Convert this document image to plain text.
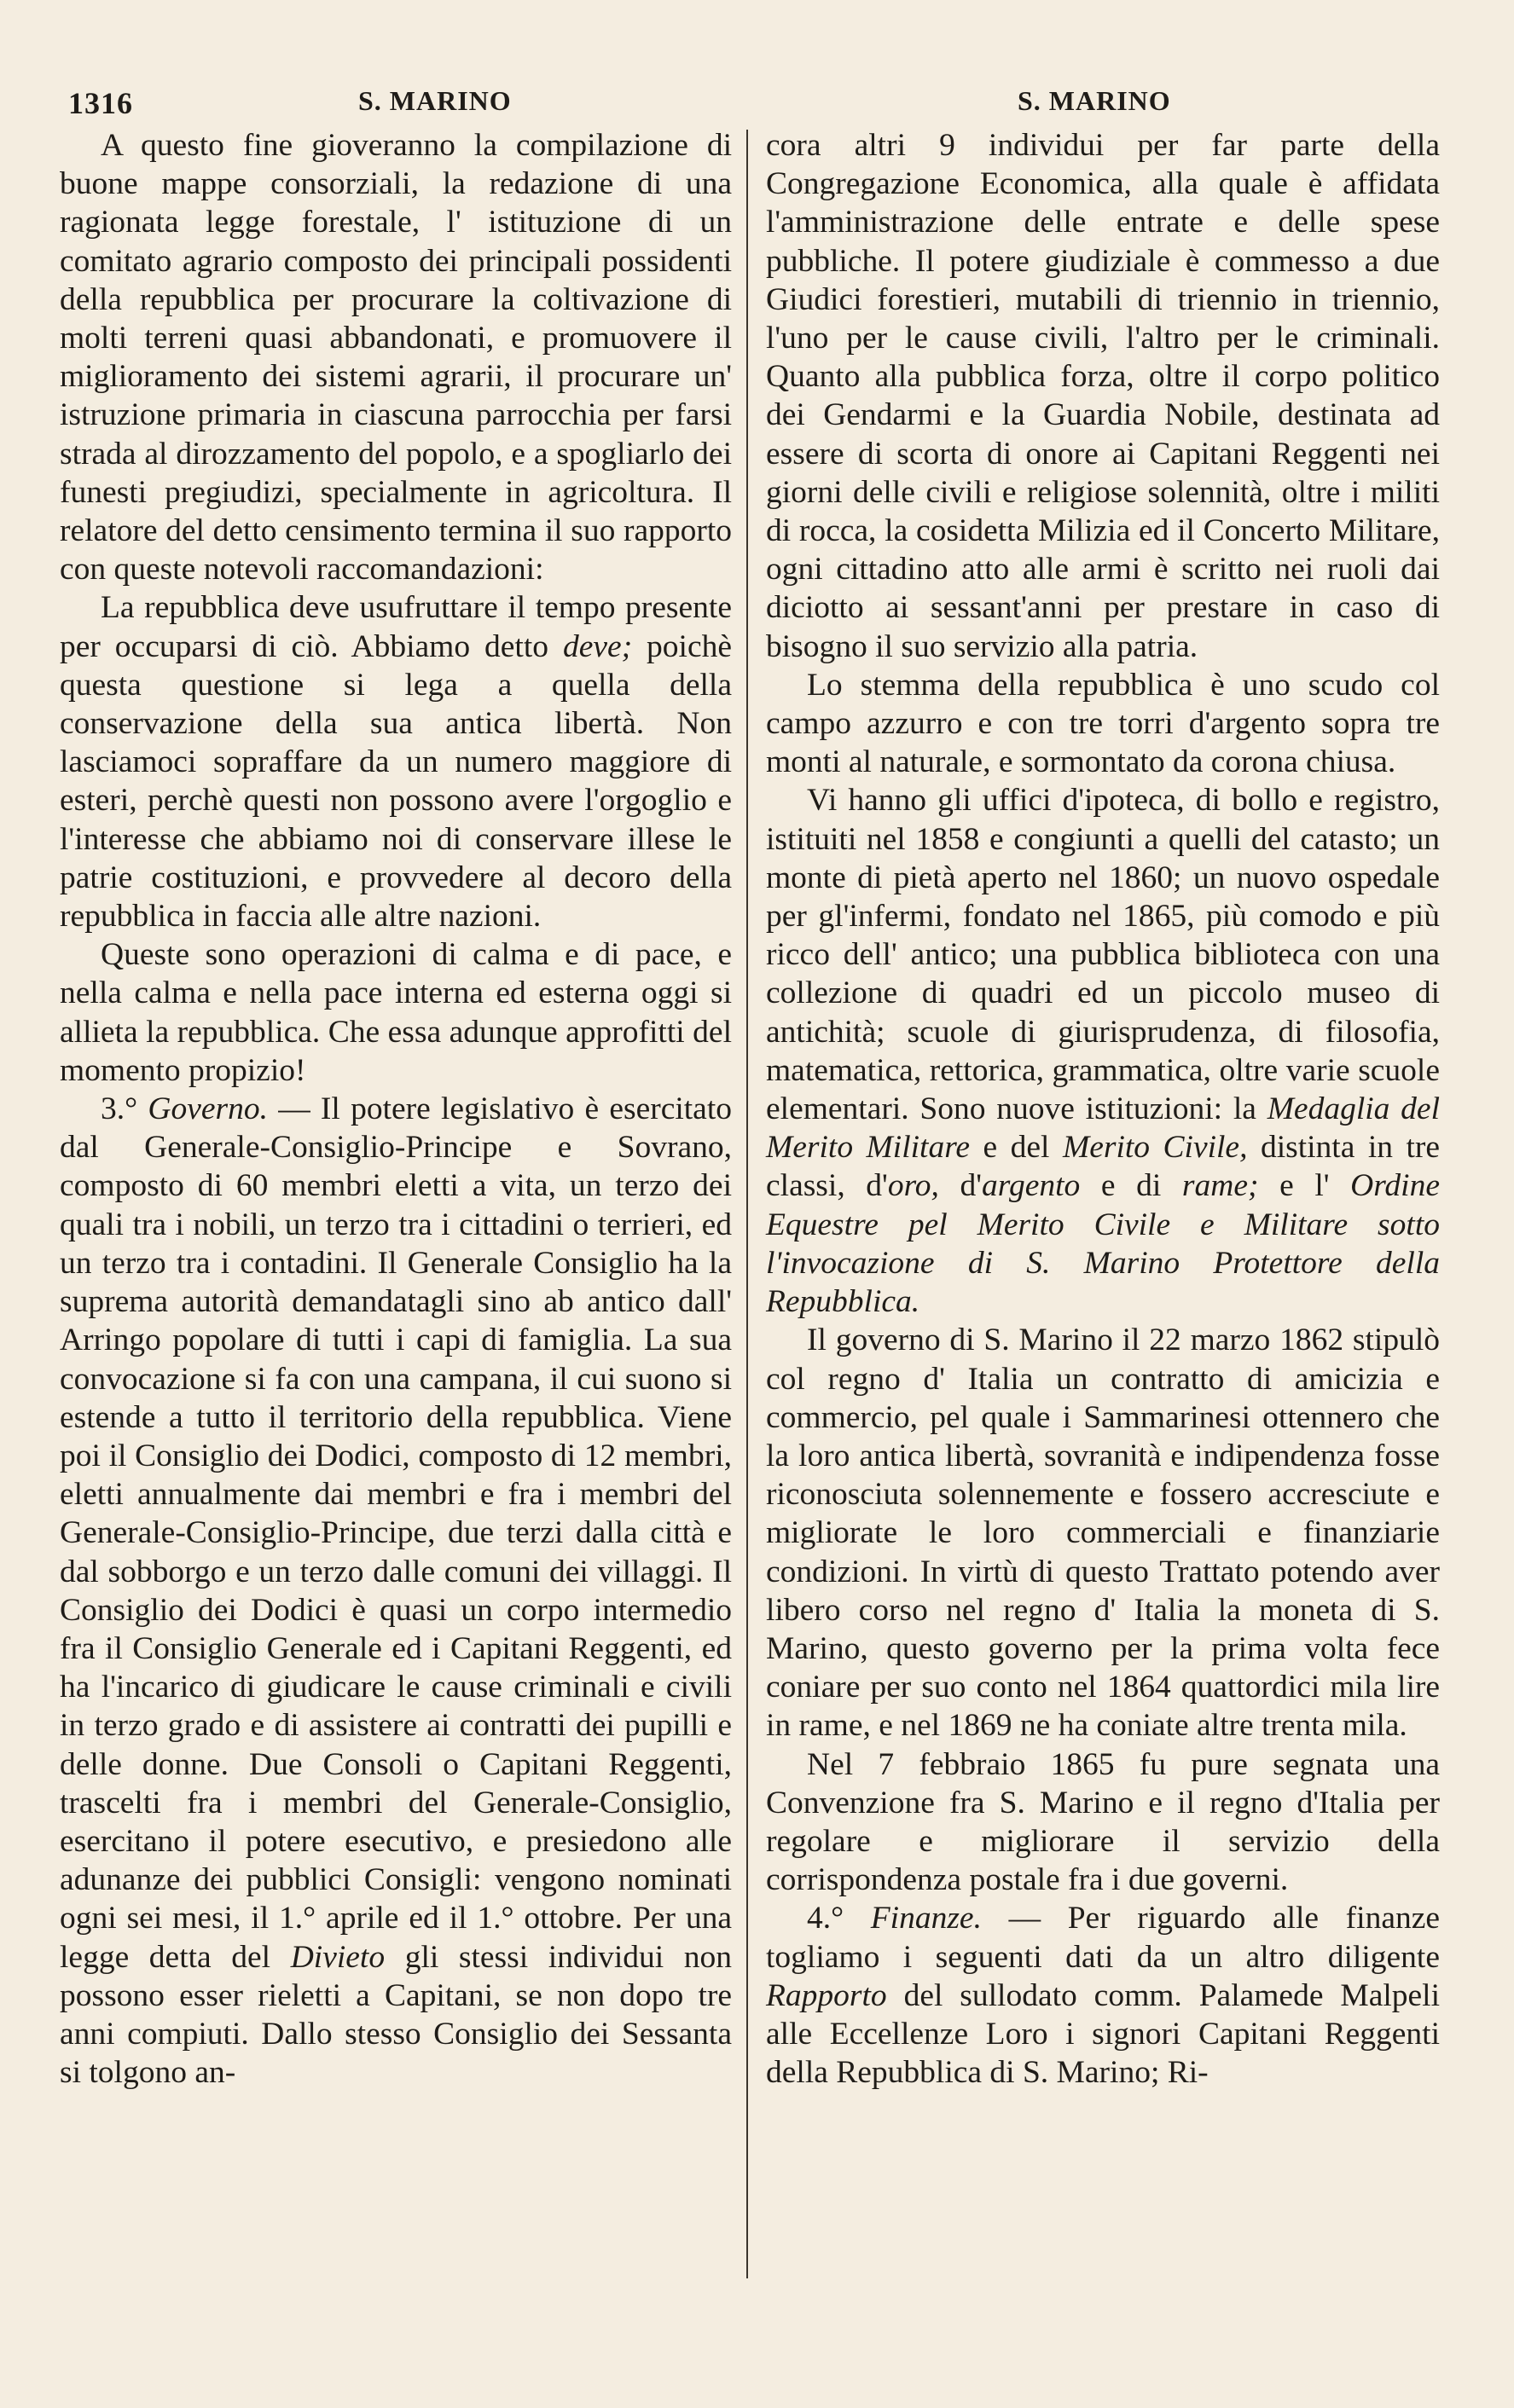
1316	S. MARINO	S. MARINO

A questo fine gioveranno la compilazione di buone mappe consorziali, la redazione di una ragionata legge forestale, l' istituzione di un comitato agrario composto dei principali possidenti della repubblica per procurare la coltivazione di molti terreni quasi abbandonati, e promuovere il miglioramento dei sistemi agrarii, il procurare un' istruzione primaria in ciascuna parrocchia per farsi strada al dirozzamento del popolo, e a spogliarlo dei funesti pregiudizi, specialmente in agricoltura. Il relatore del detto censimento termina il suo rapporto con queste notevoli raccomandazioni:

La repubblica deve usufruttare il tempo presente per occuparsi di ciò. Abbiamo detto deve; poichè questa questione si lega a quella della conservazione della sua antica libertà. Non lasciamoci sopraffare da un numero maggiore di esteri, perchè questi non possono avere l'orgoglio e l'interesse che abbiamo noi di conservare illese le patrie costituzioni, e provvedere al decoro della repubblica in faccia alle altre nazioni.

Queste sono operazioni di calma e di pace, e nella calma e nella pace interna ed esterna oggi si allieta la repubblica. Che essa adunque approfitti del momento propizio!

3.° Governo. — Il potere legislativo è esercitato dal Generale-Consiglio-Principe e Sovrano, composto di 60 membri eletti a vita, un terzo dei quali tra i nobili, un terzo tra i cittadini o terrieri, ed un terzo tra i contadini. Il Generale Consiglio ha la suprema autorità demandatagli sino ab antico dall' Arringo popolare di tutti i capi di famiglia. La sua convocazione si fa con una campana, il cui suono si estende a tutto il territorio della repubblica. Viene poi il Consiglio dei Dodici, composto di 12 membri, eletti annualmente dai membri e fra i membri del Generale-Consiglio-Principe, due terzi dalla città e dal sobborgo e un terzo dalle comuni dei villaggi. Il Consiglio dei Dodici è quasi un corpo intermedio fra il Consiglio Generale ed i Capitani Reggenti, ed ha l'incarico di giudicare le cause criminali e civili in terzo grado e di assistere ai contratti dei pupilli e delle donne. Due Consoli o Capitani Reggenti, trascelti fra i membri del Generale-Consiglio, esercitano il potere esecutivo, e presiedono alle adunanze dei pubblici Consigli: vengono nominati ogni sei mesi, il 1.° aprile ed il 1.° ottobre. Per una legge detta del Divieto gli stessi individui non possono esser rieletti a Capitani, se non dopo tre anni compiuti. Dallo stesso Consiglio dei Sessanta si tolgono an-

cora altri 9 individui per far parte della Congregazione Economica, alla quale è affidata l'amministrazione delle entrate e delle spese pubbliche. Il potere giudiziale è commesso a due Giudici forestieri, mutabili di triennio in triennio, l'uno per le cause civili, l'altro per le criminali. Quanto alla pubblica forza, oltre il corpo politico dei Gendarmi e la Guardia Nobile, destinata ad essere di scorta di onore ai Capitani Reggenti nei giorni delle civili e religiose solennità, oltre i militi di rocca, la cosidetta Milizia ed il Concerto Militare, ogni cittadino atto alle armi è scritto nei ruoli dai diciotto ai sessant'anni per prestare in caso di bisogno il suo servizio alla patria.

Lo stemma della repubblica è uno scudo col campo azzurro e con tre torri d'argento sopra tre monti al naturale, e sormontato da corona chiusa.

Vi hanno gli uffici d'ipoteca, di bollo e registro, istituiti nel 1858 e congiunti a quelli del catasto; un monte di pietà aperto nel 1860; un nuovo ospedale per gl'infermi, fondato nel 1865, più comodo e più ricco dell' antico; una pubblica biblioteca con una collezione di quadri ed un piccolo museo di antichità; scuole di giurisprudenza, di filosofia, matematica, rettorica, grammatica, oltre varie scuole elementari. Sono nuove istituzioni: la Medaglia del Merito Militare e del Merito Civile, distinta in tre classi, d'oro, d'argento e di rame; e l' Ordine Equestre pel Merito Civile e Militare sotto l'invocazione di S. Marino Protettore della Repubblica.

Il governo di S. Marino il 22 marzo 1862 stipulò col regno d' Italia un contratto di amicizia e commercio, pel quale i Sammarinesi ottennero che la loro antica libertà, sovranità e indipendenza fosse riconosciuta solennemente e fossero accresciute e migliorate le loro commerciali e finanziarie condizioni. In virtù di questo Trattato potendo aver libero corso nel regno d' Italia la moneta di S. Marino, questo governo per la prima volta fece coniare per suo conto nel 1864 quattordici mila lire in rame, e nel 1869 ne ha coniate altre trenta mila.

Nel 7 febbraio 1865 fu pure segnata una Convenzione fra S. Marino e il regno d'Italia per regolare e migliorare il servizio della corrispondenza postale fra i due governi.

4.° Finanze. — Per riguardo alle finanze togliamo i seguenti dati da un altro diligente Rapporto del sullodato comm. Palamede Malpeli alle Eccellenze Loro i signori Capitani Reggenti della Repubblica di S. Marino; Ri-
